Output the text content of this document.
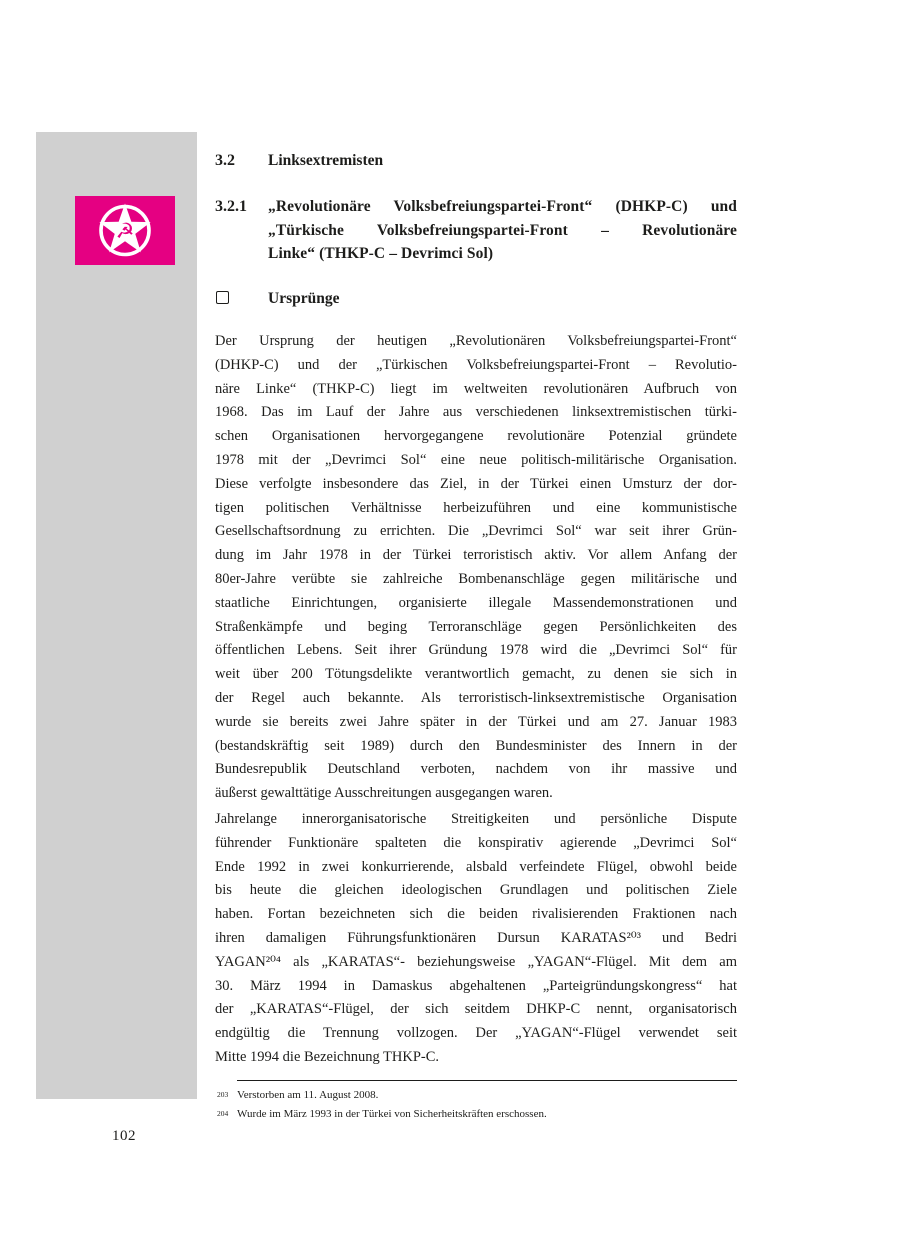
☭
3.2 Linksextremisten
3.2.1 „Revolutionäre Volksbefreiungspartei-Front“ (DHKP-C) und
„Türkische Volksbefreiungspartei-Front – Revolutionäre
Linke“ (THKP-C – Devrimci Sol)
Ursprünge
Der Ursprung der heutigen „Revolutionären Volksbefreiungspartei-Front“
(DHKP-C) und der „Türkischen Volksbefreiungspartei-Front – Revolutio-
näre Linke“ (THKP-C) liegt im weltweiten revolutionären Aufbruch von
1968. Das im Lauf der Jahre aus verschiedenen linksextremistischen türki-
schen Organisationen hervorgegangene revolutionäre Potenzial gründete
1978 mit der „Devrimci Sol“ eine neue politisch-militärische Organisation.
Diese verfolgte insbesondere das Ziel, in der Türkei einen Umsturz der dor-
tigen politischen Verhältnisse herbeizuführen und eine kommunistische
Gesellschaftsordnung zu errichten. Die „Devrimci Sol“ war seit ihrer Grün-
dung im Jahr 1978 in der Türkei terroristisch aktiv. Vor allem Anfang der
80er-Jahre verübte sie zahlreiche Bombenanschläge gegen militärische und
staatliche Einrichtungen, organisierte illegale Massendemonstrationen und
Straßenkämpfe und beging Terroranschläge gegen Persönlichkeiten des
öffentlichen Lebens. Seit ihrer Gründung 1978 wird die „Devrimci Sol“ für
weit über 200 Tötungsdelikte verantwortlich gemacht, zu denen sie sich in
der Regel auch bekannte. Als terroristisch-linksextremistische Organisation
wurde sie bereits zwei Jahre später in der Türkei und am 27. Januar 1983
(bestandskräftig seit 1989) durch den Bundesminister des Innern in der
Bundesrepublik Deutschland verboten, nachdem von ihr massive und
äußerst gewalttätige Ausschreitungen ausgegangen waren.
Jahrelange innerorganisatorische Streitigkeiten und persönliche Dispute
führender Funktionäre spalteten die konspirativ agierende „Devrimci Sol“
Ende 1992 in zwei konkurrierende, alsbald verfeindete Flügel, obwohl beide
bis heute die gleichen ideologischen Grundlagen und politischen Ziele
haben. Fortan bezeichneten sich die beiden rivalisierenden Fraktionen nach
ihren damaligen Führungsfunktionären Dursun KARATAS²⁰³ und Bedri
YAGAN²⁰⁴ als „KARATAS“- beziehungsweise „YAGAN“-Flügel. Mit dem am
30. März 1994 in Damaskus abgehaltenen „Parteigründungskongress“ hat
der „KARATAS“-Flügel, der sich seitdem DHKP-C nennt, organisatorisch
endgültig die Trennung vollzogen. Der „YAGAN“-Flügel verwendet seit
Mitte 1994 die Bezeichnung THKP-C.
203 Verstorben am 11. August 2008.
204 Wurde im März 1993 in der Türkei von Sicherheitskräften erschossen.
102
